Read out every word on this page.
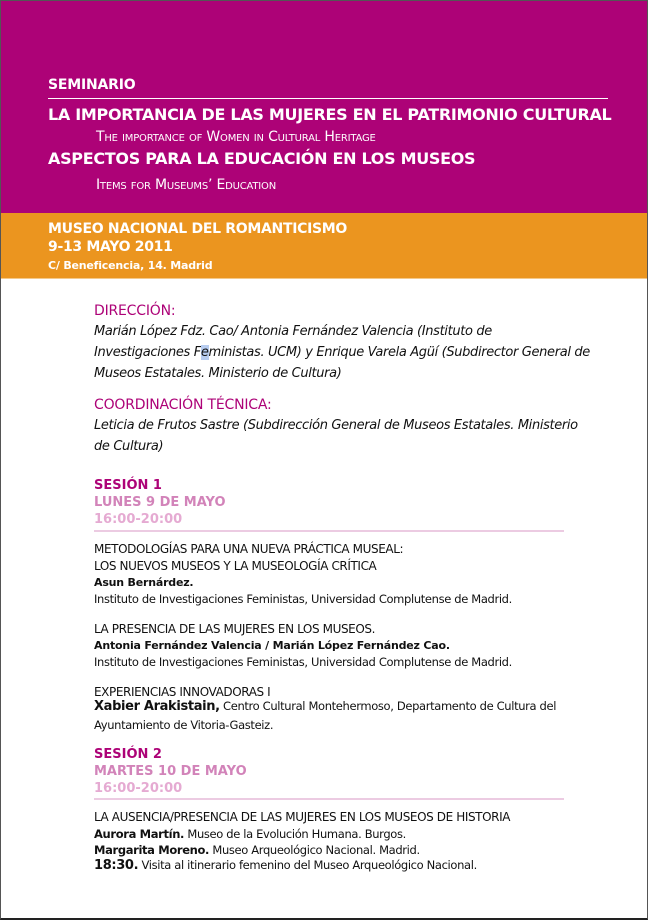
SEMINARIO
LA IMPORTANCIA DE LAS MUJERES EN EL PATRIMONIO CULTURAL
The importance of Women in Cultural Heritage
ASPECTOS PARA LA EDUCACIÓN EN LOS MUSEOS
Items for Museums’ Education
MUSEO NACIONAL DEL ROMANTICISMO
9-13 MAYO 2011
C/ Beneficencia, 14. Madrid
DIRECCIÓN:
Marián López Fdz. Cao/ Antonia Fernández Valencia (Instituto de
Investigaciones Feministas. UCM) y Enrique Varela Agüí (Subdirector General de
Museos Estatales. Ministerio de Cultura)
COORDINACIÓN TÉCNICA:
Leticia de Frutos Sastre (Subdirección General de Museos Estatales. Ministerio
de Cultura)
SESIÓN 1
LUNES 9 DE MAYO
16:00-20:00
METODOLOGÍAS PARA UNA NUEVA PRÁCTICA MUSEAL:
LOS NUEVOS MUSEOS Y LA MUSEOLOGÍA CRÍTICA
Asun Bernárdez.
Instituto de Investigaciones Feministas, Universidad Complutense de Madrid.
LA PRESENCIA DE LAS MUJERES EN LOS MUSEOS.
Antonia Fernández Valencia / Marián López Fernández Cao.
Instituto de Investigaciones Feministas, Universidad Complutense de Madrid.
EXPERIENCIAS INNOVADORAS I
Xabier Arakistain, Centro Cultural Montehermoso, Departamento de Cultura del
Ayuntamiento de Vitoria-Gasteiz.
SESIÓN 2
MARTES 10 DE MAYO
16:00-20:00
LA AUSENCIA/PRESENCIA DE LAS MUJERES EN LOS MUSEOS DE HISTORIA
Aurora Martín. Museo de la Evolución Humana. Burgos.
Margarita Moreno. Museo Arqueológico Nacional. Madrid.
18:30. Visita al itinerario femenino del Museo Arqueológico Nacional.
